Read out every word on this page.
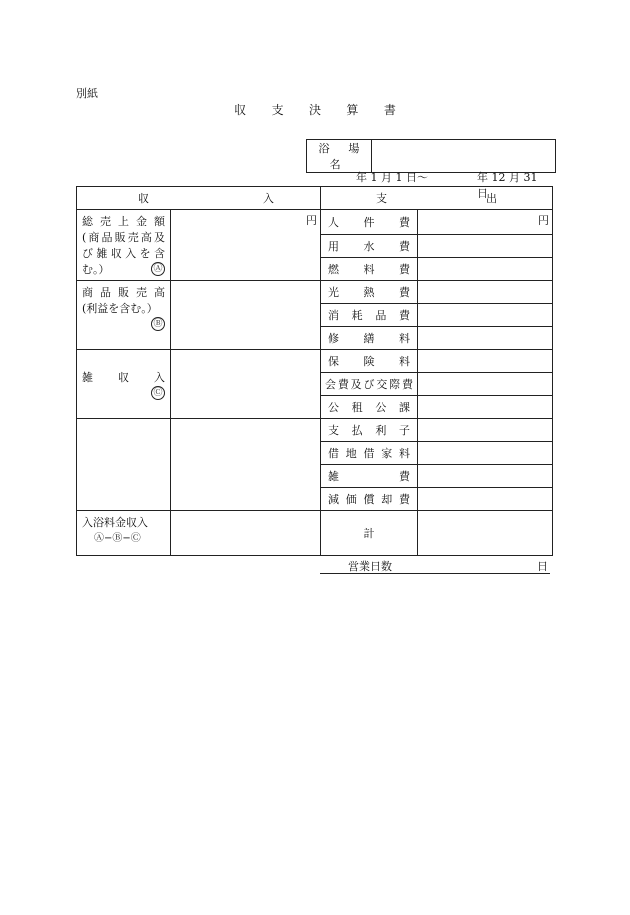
別紙
収 支 決 算 書
浴 場 名	
年 1 月 1 日〜	年 12 月 31 日
収 入		支 出	

総 売 上 金 額
(商品販売高及
び雑収入を含
む。） Ⓐ	円	人件費	円
		用水費	
		燃料費	

商 品 販 売 高
(利益を含む。）
Ⓑ		光熱費	
		消耗品費	
		修繕料	

雑　収　入
Ⓒ		保険料	
		会費及び交際費	
		公租公課	
		支払利子	
		借地借家料	
		雑費	
		減価償却費	

入浴料金収入
Ⓐ−Ⓑ−Ⓒ		計	
営業日数	日
